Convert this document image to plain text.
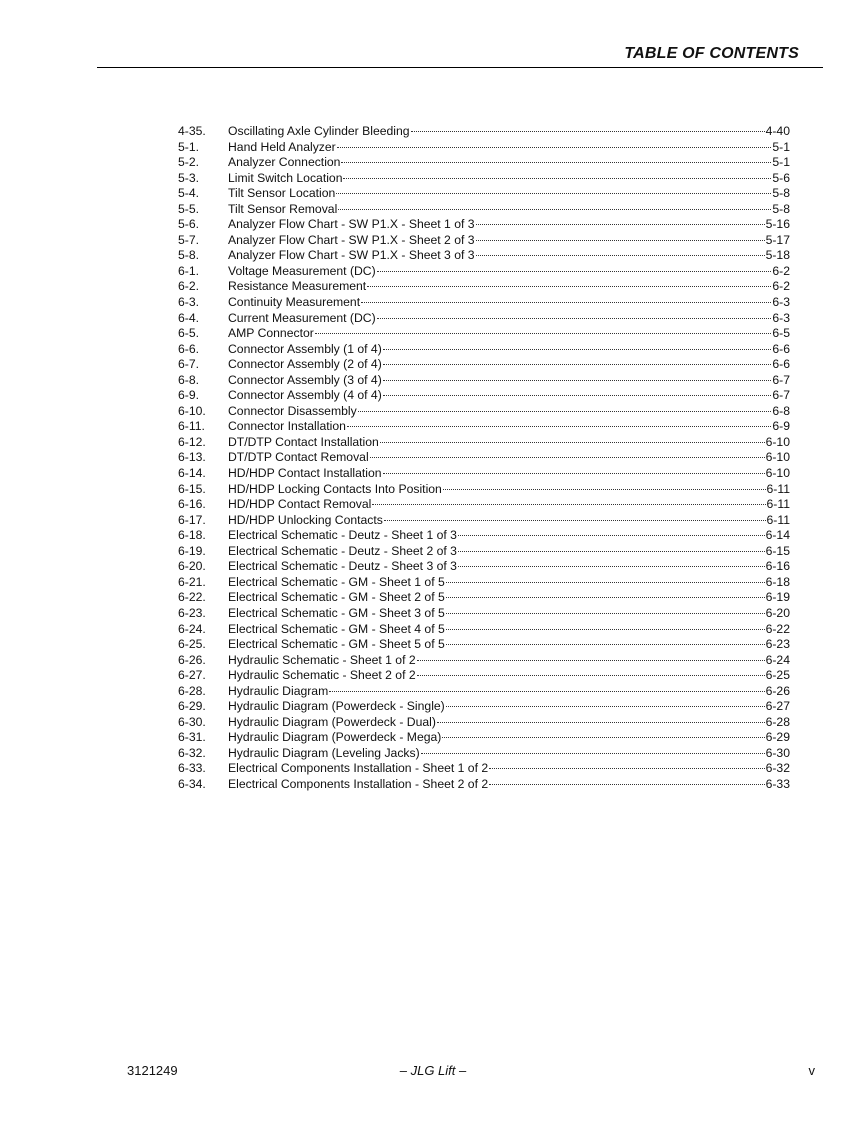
TABLE OF CONTENTS
4-35.	Oscillating Axle Cylinder Bleeding	4-40
5-1.	Hand Held Analyzer	5-1
5-2.	Analyzer Connection	5-1
5-3.	Limit Switch Location	5-6
5-4.	Tilt Sensor Location	5-8
5-5.	Tilt Sensor Removal	5-8
5-6.	Analyzer Flow Chart - SW P1.X - Sheet 1 of 3	5-16
5-7.	Analyzer Flow Chart - SW P1.X - Sheet 2 of 3	5-17
5-8.	Analyzer Flow Chart - SW P1.X - Sheet 3 of 3	5-18
6-1.	Voltage Measurement (DC)	6-2
6-2.	Resistance Measurement	6-2
6-3.	Continuity Measurement	6-3
6-4.	Current Measurement (DC)	6-3
6-5.	AMP Connector	6-5
6-6.	Connector Assembly (1 of 4)	6-6
6-7.	Connector Assembly (2 of 4)	6-6
6-8.	Connector Assembly (3 of 4)	6-7
6-9.	Connector Assembly (4 of 4)	6-7
6-10.	Connector Disassembly	6-8
6-11.	Connector Installation	6-9
6-12.	DT/DTP Contact Installation	6-10
6-13.	DT/DTP Contact Removal	6-10
6-14.	HD/HDP Contact Installation	6-10
6-15.	HD/HDP Locking Contacts Into Position	6-11
6-16.	HD/HDP Contact Removal	6-11
6-17.	HD/HDP Unlocking Contacts	6-11
6-18.	Electrical Schematic - Deutz - Sheet 1 of 3	6-14
6-19.	Electrical Schematic - Deutz - Sheet 2 of 3	6-15
6-20.	Electrical Schematic - Deutz - Sheet 3 of 3	6-16
6-21.	Electrical Schematic - GM - Sheet 1 of 5	6-18
6-22.	Electrical Schematic - GM - Sheet 2 of 5	6-19
6-23.	Electrical Schematic - GM - Sheet 3 of 5	6-20
6-24.	Electrical Schematic - GM - Sheet 4 of 5	6-22
6-25.	Electrical Schematic - GM - Sheet 5 of 5	6-23
6-26.	Hydraulic Schematic - Sheet 1 of 2	6-24
6-27.	Hydraulic Schematic - Sheet 2 of 2	6-25
6-28.	Hydraulic Diagram	6-26
6-29.	Hydraulic Diagram (Powerdeck - Single)	6-27
6-30.	Hydraulic Diagram (Powerdeck - Dual)	6-28
6-31.	Hydraulic Diagram (Powerdeck - Mega)	6-29
6-32.	Hydraulic Diagram (Leveling Jacks)	6-30
6-33.	Electrical Components Installation - Sheet 1 of 2	6-32
6-34.	Electrical Components Installation - Sheet 2 of 2	6-33
3121249	– JLG Lift –	v
